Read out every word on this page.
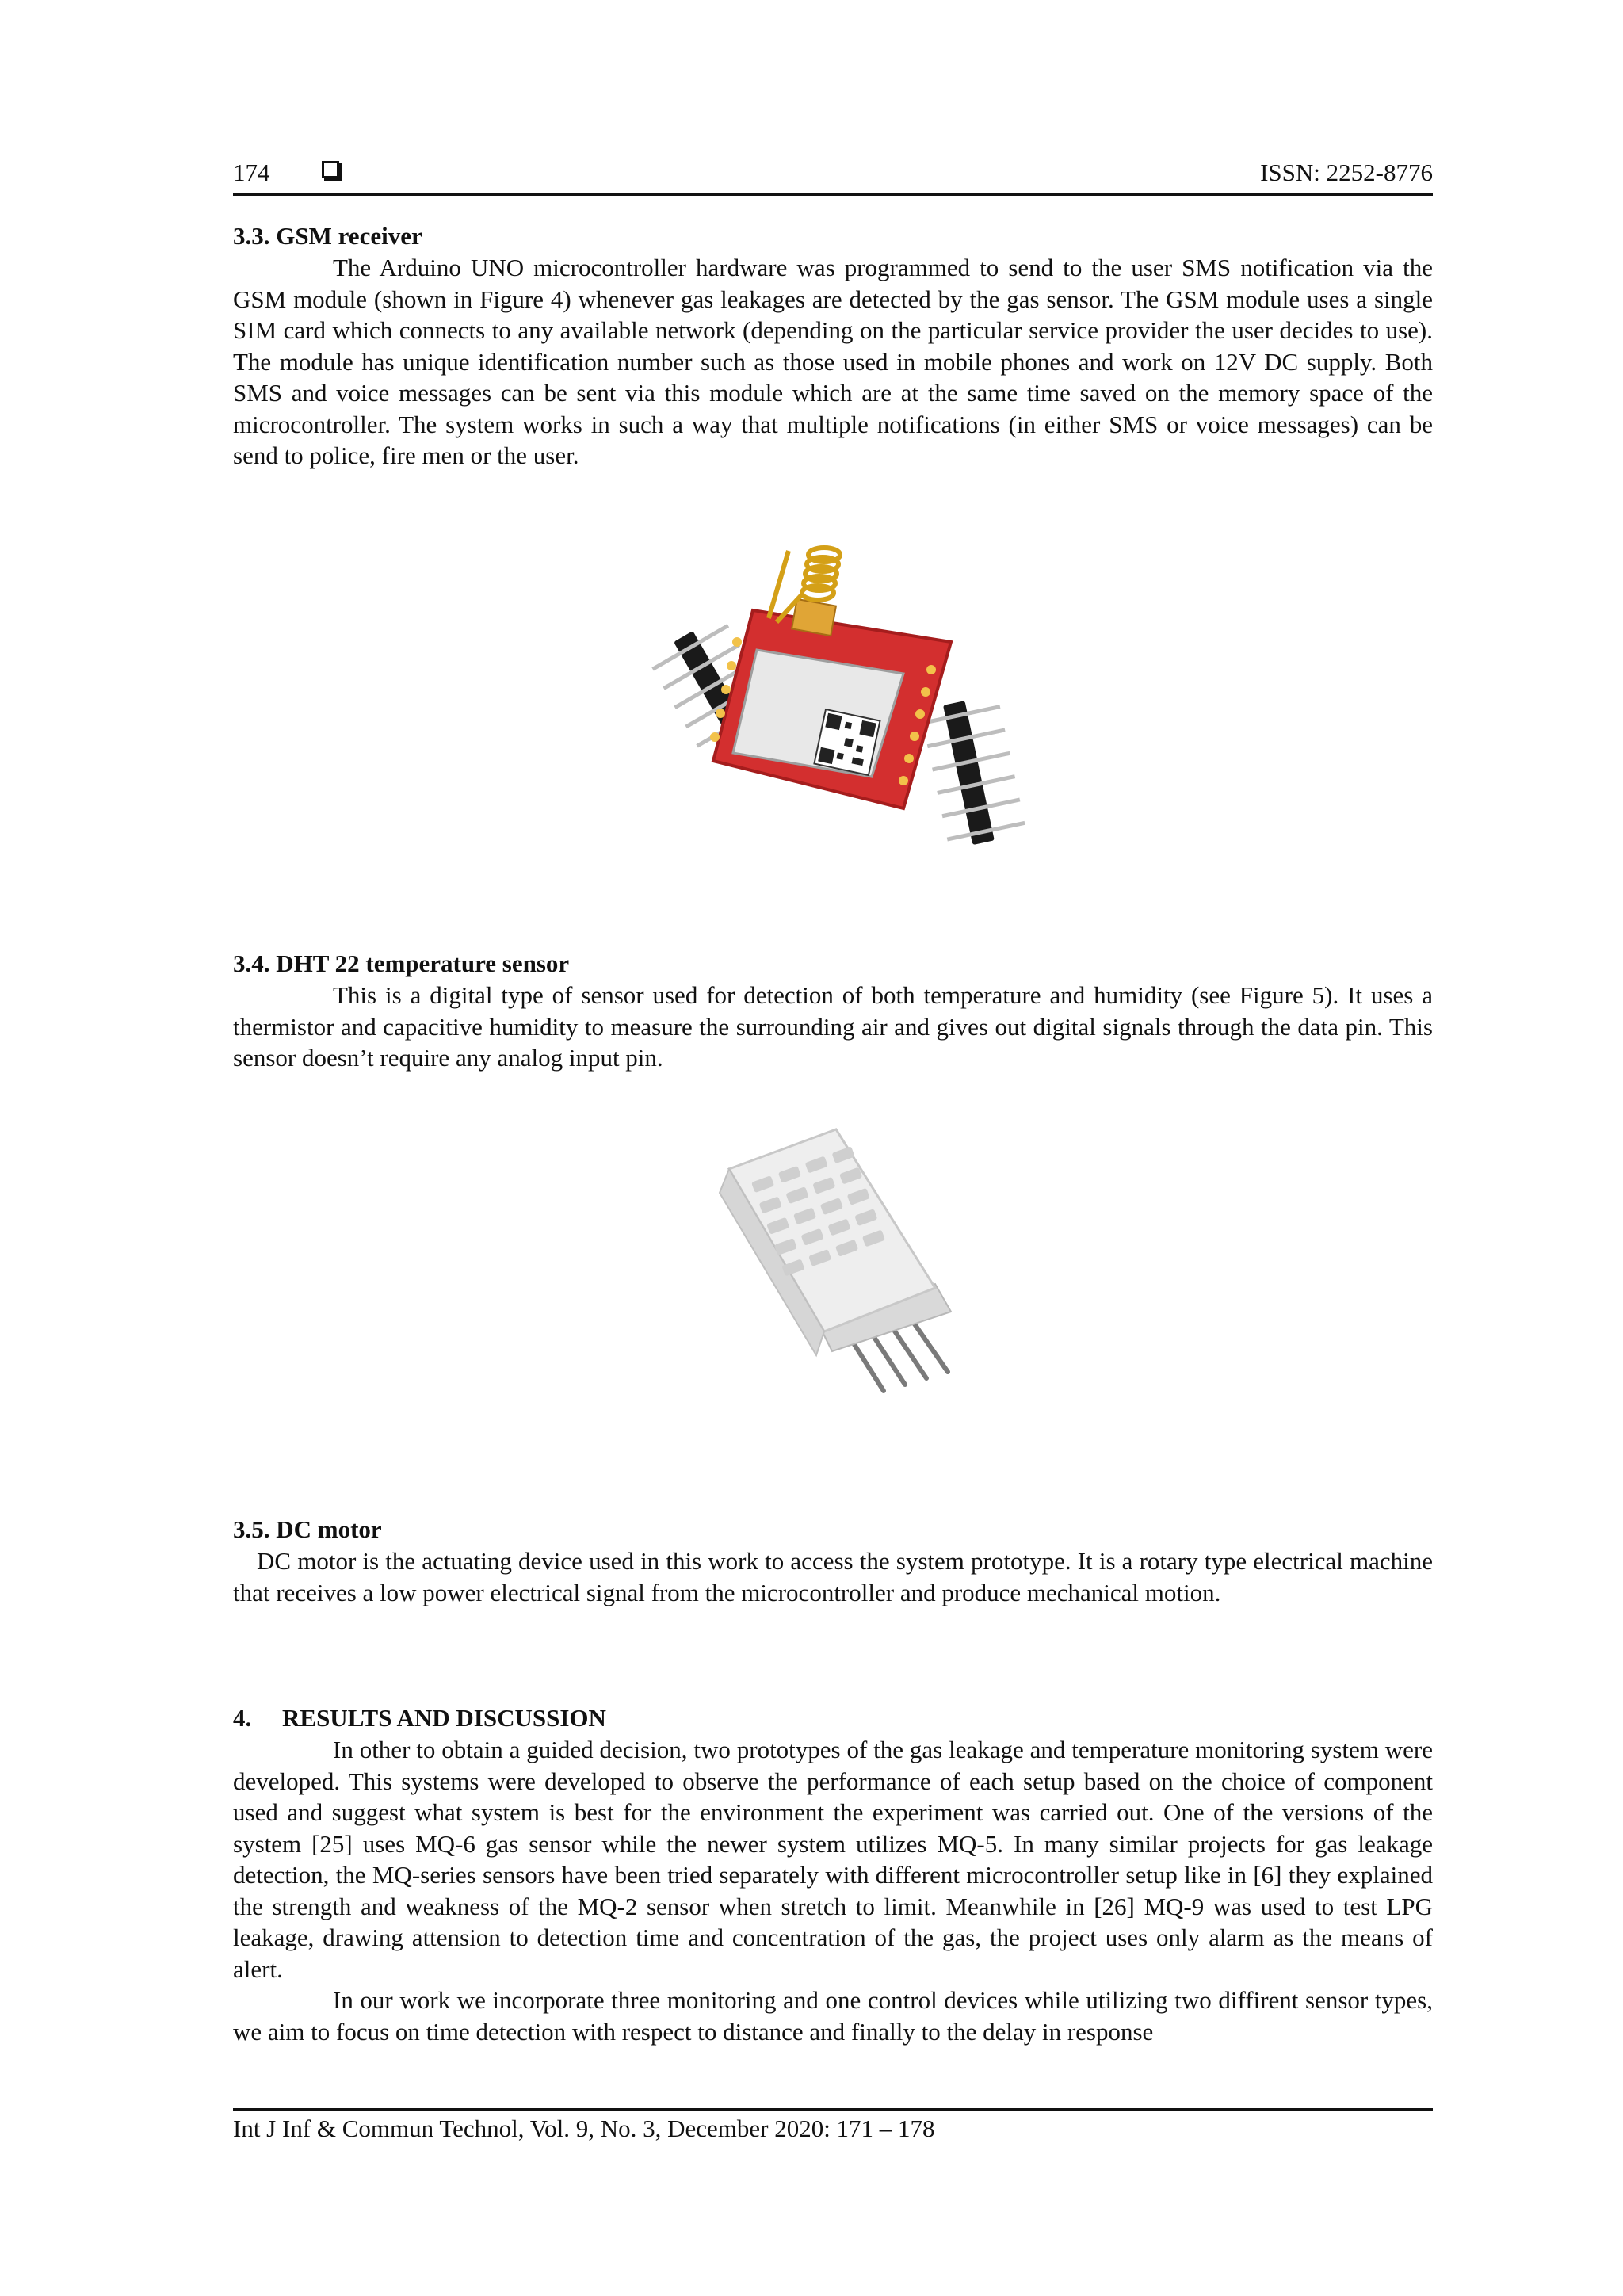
174	ISSN: 2252-8776

3.3. GSM receiver

The Arduino UNO microcontroller hardware was programmed to send to the user SMS notification via the GSM module (shown in Figure 4) whenever gas leakages are detected by the gas sensor. The GSM module uses a single SIM card which connects to any available network (depending on the particular service provider the user decides to use). The module has unique identification number such as those used in mobile phones and work on 12V DC supply. Both SMS and voice messages can be sent via this module which are at the same time saved on the memory space of the microcontroller. The system works in such a way that multiple notifications (in either SMS or voice messages) can be send to police, fire men or the user.

3.4. DHT 22 temperature sensor

This is a digital type of sensor used for detection of both temperature and humidity (see Figure 5). It uses a thermistor and capacitive humidity to measure the surrounding air and gives out digital signals through the data pin. This sensor doesn’t require any analog input pin.

3.5. DC motor

DC motor is the actuating device used in this work to access the system prototype. It is a rotary type electrical machine that receives a low power electrical signal from the microcontroller and produce mechanical motion.

4.     RESULTS AND DISCUSSION

In other to obtain a guided decision, two prototypes of the gas leakage and temperature monitoring system were developed. This systems were developed to observe the performance of each setup based on the choice of component used and suggest what system is best for the environment the experiment was carried out. One of the versions of the system [25] uses MQ-6 gas sensor while the newer system utilizes MQ-5. In many similar projects for gas leakage detection, the MQ-series sensors have been tried separately with different microcontroller setup like in [6] they explained the strength and weakness of the MQ-2 sensor when stretch to limit. Meanwhile in [26] MQ-9 was used to test LPG leakage, drawing attension to detection time and concentration of the gas, the project uses only alarm as the means of alert.

In our work we incorporate three monitoring and one control devices while utilizing two diffirent sensor types, we aim to focus on time detection with respect to distance and finally to the delay in response

Int J Inf & Commun Technol, Vol. 9, No. 3, December 2020: 171 – 178
